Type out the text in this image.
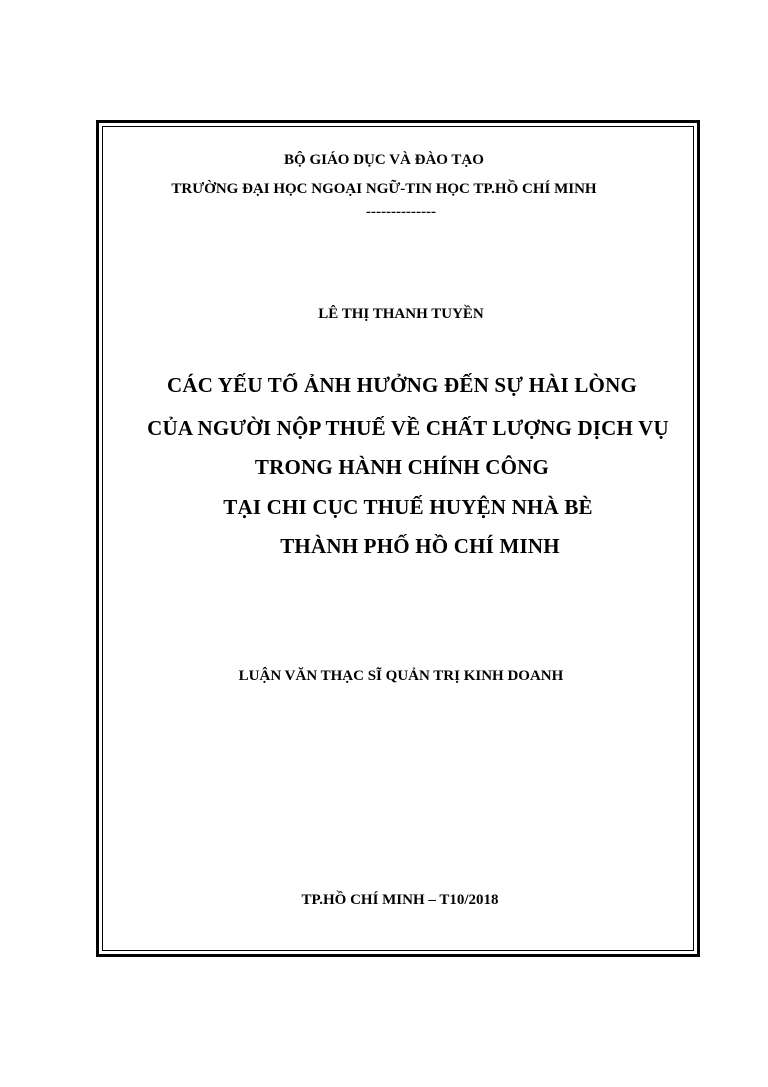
BỘ GIÁO DỤC VÀ ĐÀO TẠO
TRƯỜNG ĐẠI HỌC NGOẠI NGỮ-TIN HỌC TP.HỒ CHÍ MINH
--------------
LÊ THỊ THANH TUYỀN
CÁC YẾU TỐ ẢNH HƯỞNG ĐẾN SỰ HÀI LÒNG
CỦA NGƯỜI NỘP THUẾ VỀ CHẤT LƯỢNG DỊCH VỤ
TRONG HÀNH CHÍNH CÔNG
TẠI CHI CỤC THUẾ HUYỆN NHÀ BÈ
THÀNH PHỐ HỒ CHÍ MINH
LUẬN VĂN THẠC SĨ QUẢN TRỊ KINH DOANH
TP.HỒ CHÍ MINH – T10/2018
